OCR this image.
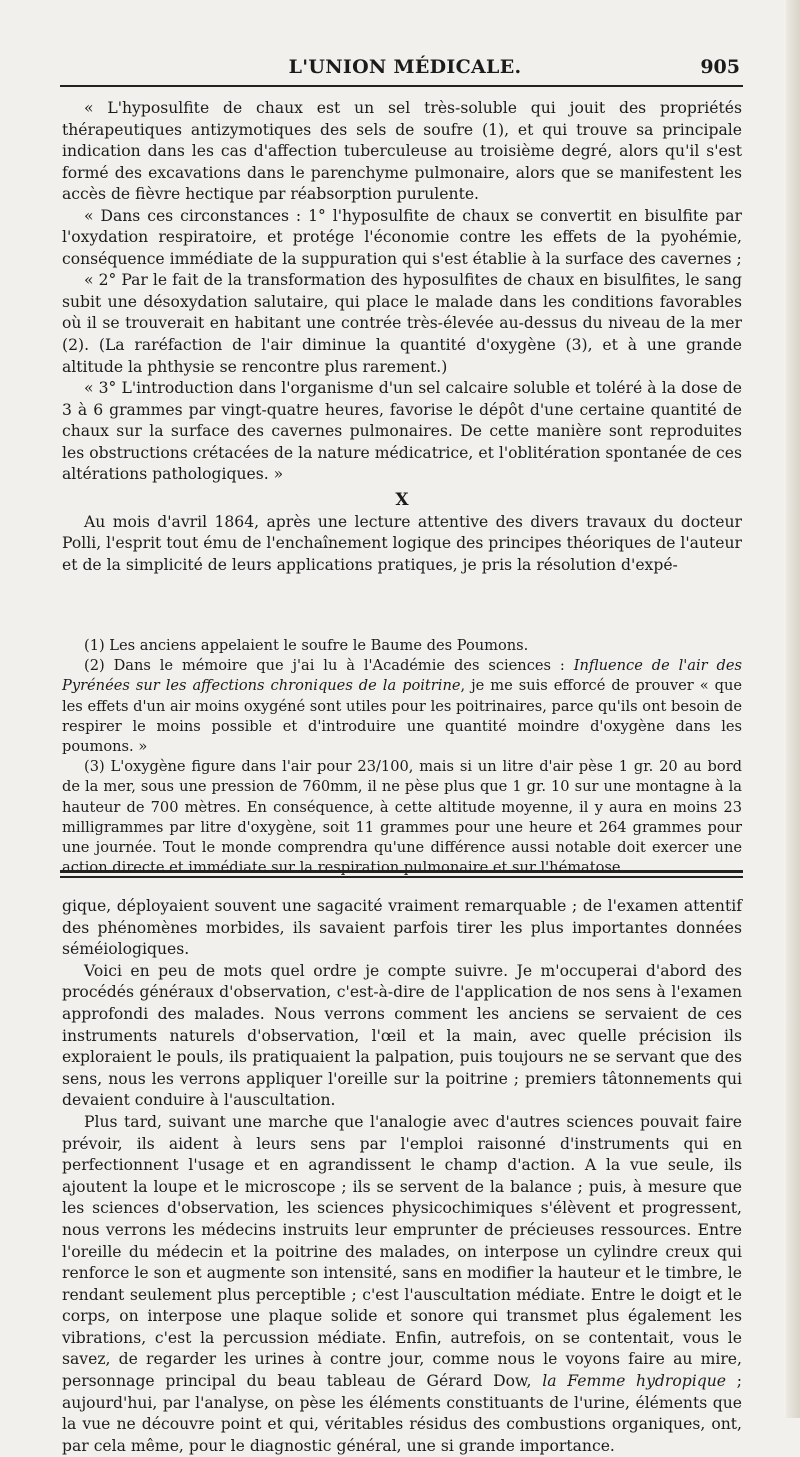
L'UNION MÉDICALE.	905

« L'hyposulfite de chaux est un sel très-soluble qui jouit des propriétés thérapeutiques antizymotiques des sels de soufre (1), et qui trouve sa principale indication dans les cas d'affection tuberculeuse au troisième degré, alors qu'il s'est formé des excavations dans le parenchyme pulmonaire, alors que se manifestent les accès de fièvre hectique par réabsorption purulente.

« Dans ces circonstances : 1° l'hyposulfite de chaux se convertit en bisulfite par l'oxydation respiratoire, et protége l'économie contre les effets de la pyohémie, conséquence immédiate de la suppuration qui s'est établie à la surface des cavernes ;

« 2° Par le fait de la transformation des hyposulfites de chaux en bisulfites, le sang subit une désoxydation salutaire, qui place le malade dans les conditions favorables où il se trouverait en habitant une contrée très-élevée au-dessus du niveau de la mer (2). (La raréfaction de l'air diminue la quantité d'oxygène (3), et à une grande altitude la phthysie se rencontre plus rarement.)

« 3° L'introduction dans l'organisme d'un sel calcaire soluble et toléré à la dose de 3 à 6 grammes par vingt-quatre heures, favorise le dépôt d'une certaine quantité de chaux sur la surface des cavernes pulmonaires. De cette manière sont reproduites les obstructions crétacées de la nature médicatrice, et l'oblitération spontanée de ces altérations pathologiques. »

X

Au mois d'avril 1864, après une lecture attentive des divers travaux du docteur Polli, l'esprit tout ému de l'enchaînement logique des principes théoriques de l'auteur et de la simplicité de leurs applications pratiques, je pris la résolution d'expé-

(1) Les anciens appelaient le soufre le Baume des Poumons.

(2) Dans le mémoire que j'ai lu à l'Académie des sciences : Influence de l'air des Pyrénées sur les affections chroniques de la poitrine, je me suis efforcé de prouver « que les effets d'un air moins oxygéné sont utiles pour les poitrinaires, parce qu'ils ont besoin de respirer le moins possible et d'introduire une quantité moindre d'oxygène dans les poumons. »

(3) L'oxygène figure dans l'air pour 23/100, mais si un litre d'air pèse 1 gr. 20 au bord de la mer, sous une pression de 760mm, il ne pèse plus que 1 gr. 10 sur une montagne à la hauteur de 700 mètres. En conséquence, à cette altitude moyenne, il y aura en moins 23 milligrammes par litre d'oxygène, soit 11 grammes pour une heure et 264 grammes pour une journée. Tout le monde comprendra qu'une différence aussi notable doit exercer une action directe et immédiate sur la respiration pulmonaire et sur l'hématose.

gique, déployaient souvent une sagacité vraiment remarquable ; de l'examen attentif des phénomènes morbides, ils savaient parfois tirer les plus importantes données séméiologiques.

Voici en peu de mots quel ordre je compte suivre. Je m'occuperai d'abord des procédés généraux d'observation, c'est-à-dire de l'application de nos sens à l'examen approfondi des malades. Nous verrons comment les anciens se servaient de ces instruments naturels d'observation, l'œil et la main, avec quelle précision ils exploraient le pouls, ils pratiquaient la palpation, puis toujours ne se servant que des sens, nous les verrons appliquer l'oreille sur la poitrine ; premiers tâtonnements qui devaient conduire à l'auscultation.

Plus tard, suivant une marche que l'analogie avec d'autres sciences pouvait faire prévoir, ils aident à leurs sens par l'emploi raisonné d'instruments qui en perfectionnent l'usage et en agrandissent le champ d'action. A la vue seule, ils ajoutent la loupe et le microscope ; ils se servent de la balance ; puis, à mesure que les sciences d'observation, les sciences physicochimiques s'élèvent et progressent, nous verrons les médecins instruits leur emprunter de précieuses ressources. Entre l'oreille du médecin et la poitrine des malades, on interpose un cylindre creux qui renforce le son et augmente son intensité, sans en modifier la hauteur et le timbre, le rendant seulement plus perceptible ; c'est l'auscultation médiate. Entre le doigt et le corps, on interpose une plaque solide et sonore qui transmet plus également les vibrations, c'est la percussion médiate. Enfin, autrefois, on se contentait, vous le savez, de regarder les urines à contre jour, comme nous le voyons faire au mire, personnage principal du beau tableau de Gérard Dow, la Femme hydropique ; aujourd'hui, par l'analyse, on pèse les éléments constituants de l'urine, éléments que la vue ne découvre point et qui, véritables résidus des combustions organiques, ont, par cela même, pour le diagnostic général, une si grande importance.
